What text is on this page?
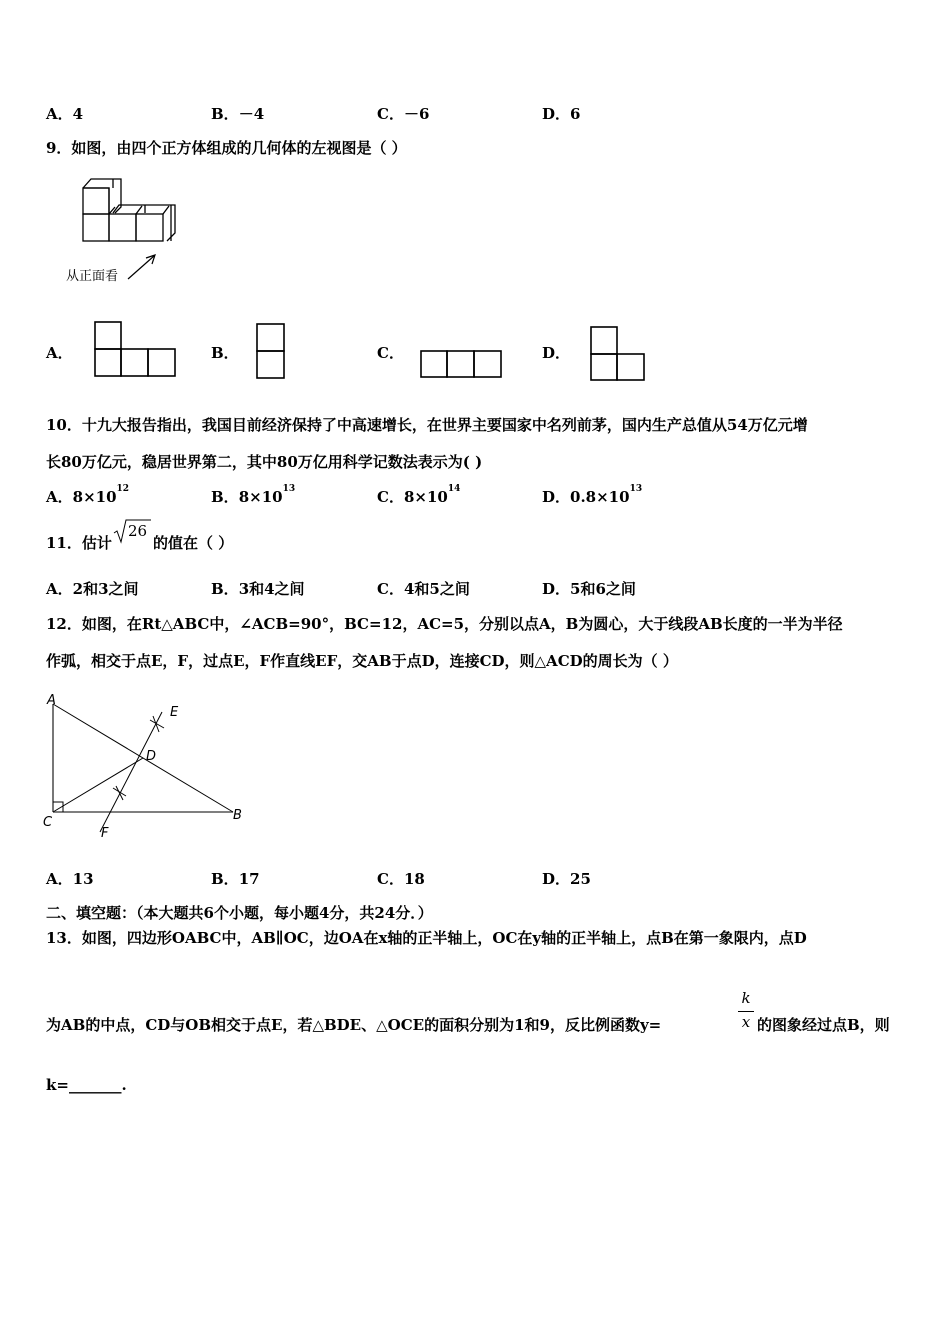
A．4	B．－4	C．－6	D．6
9．如图，由四个正方体组成的几何体的左视图是（ ）
从正面看
A．	B．	C．	D．
10．十九大报告指出，我国目前经济保持了中高速增长，在世界主要国家中名列前茅，国内生产总值从54万亿元增
长80万亿元，稳居世界第二，其中80万亿用科学记数法表示为( )
A．$8\times 10^{12}$	B．$8\times 10^{13}$	C．$8\times 10^{14}$	D．$0.8\times 10^{13}$
11．估计
26
的值在（ ）
A．2和3之间	B．3和4之间	C．4和5之间	D．5和6之间
12．如图，在Rt△ABC中，∠ACB=90°，BC=12，AC=5，分别以点A，B为圆心，大于线段AB长度的一半为半径
作弧，相交于点E，F，过点E，F作直线EF，交AB于点D，连接CD，则△ACD的周长为（ ）
A
E
D
C	B
F
A．13	B．17	C．18	D．25
二、填空题：（本大题共6个小题，每小题4分，共24分．）
13．如图，四边形OABC中，AB∥OC，边OA在x轴的正半轴上，OC在y轴的正半轴上，点B在第一象限内，点D
为AB的中点，CD与OB相交于点E，若△BDE、△OCE的面积分别为1和9，反比例函数y=
k
x 的图象经过点B，则
k=_______.
